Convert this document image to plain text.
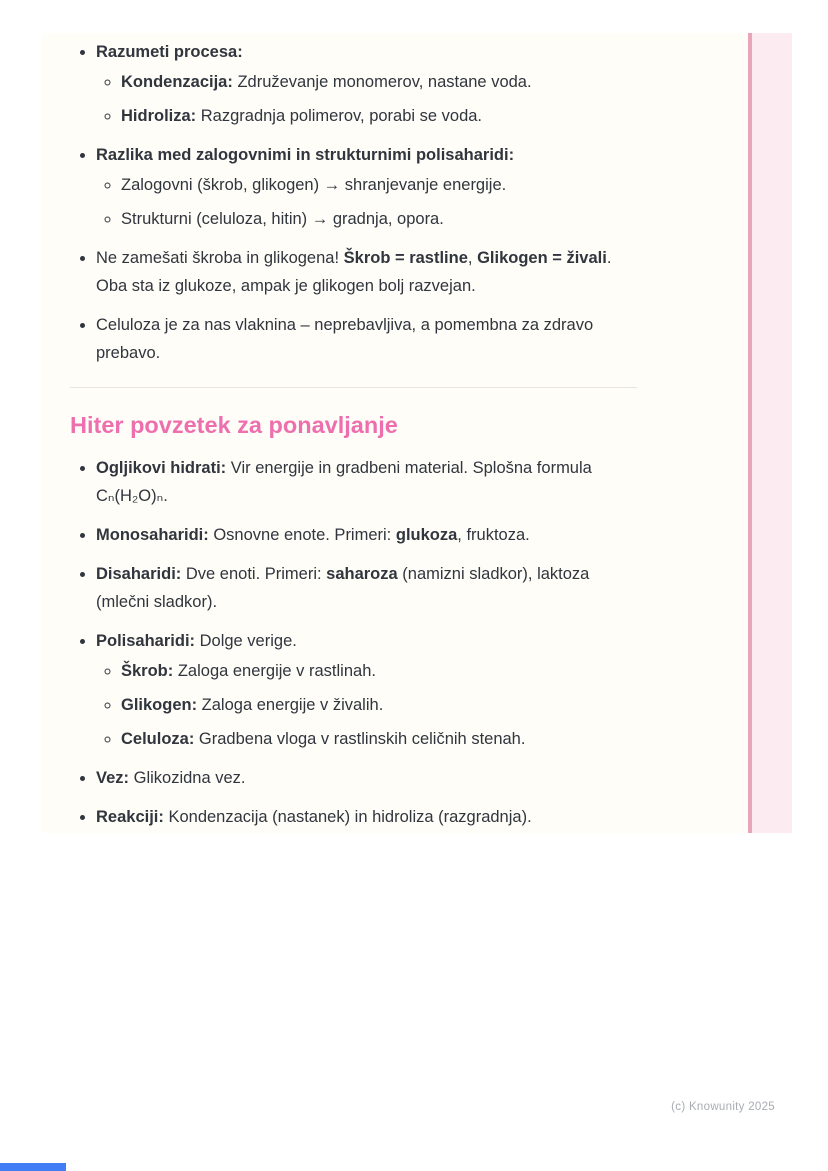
• Razumeti procesa:
◦ Kondenzacija: Združevanje monomerov, nastane voda.
◦ Hidroliza: Razgradnja polimerov, porabi se voda.
• Razlika med zalogovnimi in strukturnimi polisaharidi:
◦ Zalogovni (škrob, glikogen) → shranjevanje energije.
◦ Strukturni (celuloza, hitin) → gradnja, opora.
• Ne zamešati škroba in glikogena! Škrob = rastline, Glikogen = živali. Oba sta iz glukoze, ampak je glikogen bolj razvejan.
• Celuloza je za nas vlaknina – neprebavljiva, a pomembna za zdravo prebavo.
Hiter povzetek za ponavljanje
• Ogljikovi hidrati: Vir energije in gradbeni material. Splošna formula Cₙ(H₂O)ₙ.
• Monosaharidi: Osnovne enote. Primeri: glukoza, fruktoza.
• Disaharidi: Dve enoti. Primeri: saharoza (namizni sladkor), laktoza (mlečni sladkor).
• Polisaharidi: Dolge verige.
◦ Škrob: Zaloga energije v rastlinah.
◦ Glikogen: Zaloga energije v živalih.
◦ Celuloza: Gradbena vloga v rastlinskih celičnih stenah.
• Vez: Glikozidna vez.
• Reakciji: Kondenzacija (nastanek) in hidroliza (razgradnja).
(c) Knowunity 2025
